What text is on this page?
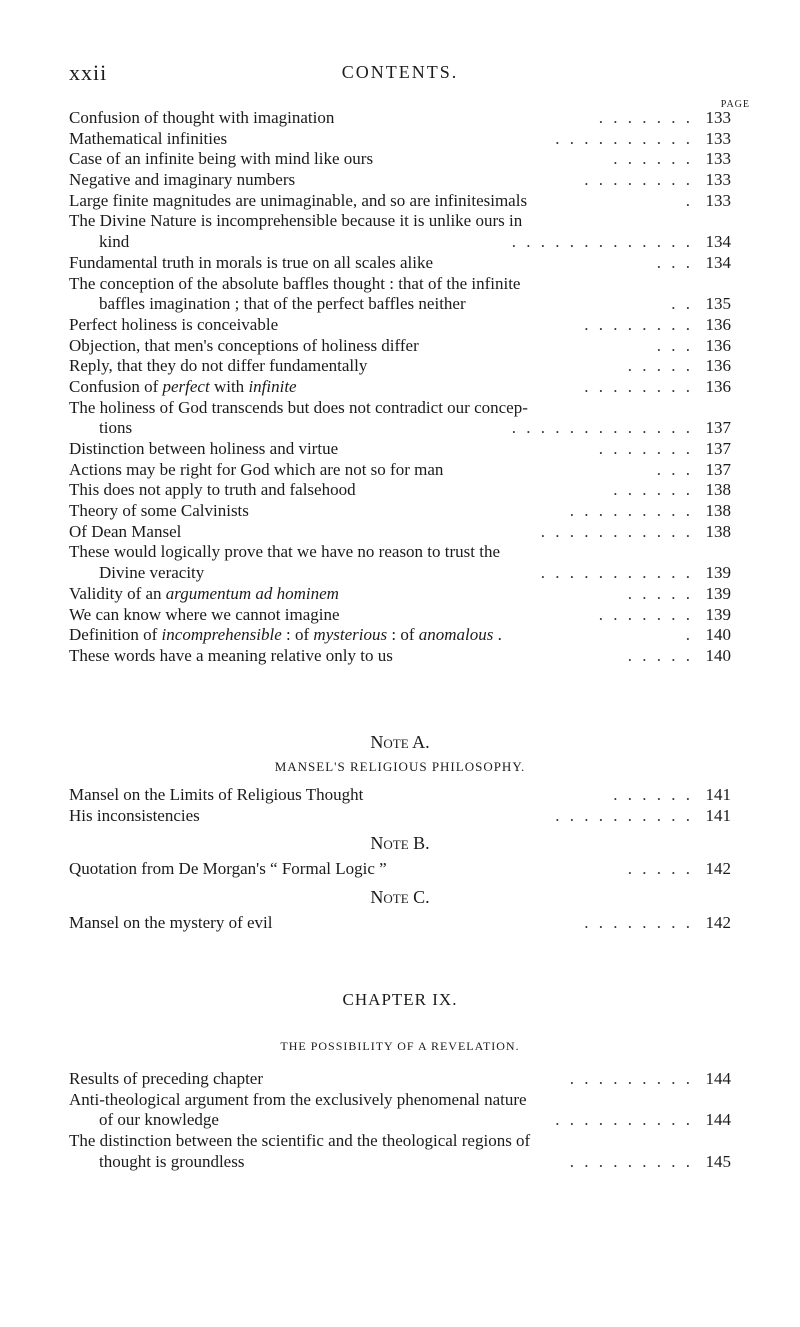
xxii	CONTENTS.
PAGE
Confusion of thought with imagination	. . . . . . . 133
Mathematical infinities	. . . . . . . . . . 133
Case of an infinite being with mind like ours	. . . . . . 133
Negative and imaginary numbers	. . . . . . . . 133
Large finite magnitudes are unimaginable, and so are infinitesimals	. 133
The Divine Nature is incomprehensible because it is unlike ours in
kind	. . . . . . . . . . . . . 134
Fundamental truth in morals is true on all scales alike	. . . 134
The conception of the absolute baffles thought : that of the infinite
baffles imagination ; that of the perfect baffles neither	. . 135
Perfect holiness is conceivable	. . . . . . . . 136
Objection, that men's conceptions of holiness differ	. . . 136
Reply, that they do not differ fundamentally	. . . . . 136
Confusion of perfect with infinite	. . . . . . . . 136
The holiness of God transcends but does not contradict our concep-
tions	. . . . . . . . . . . . . 137
Distinction between holiness and virtue	. . . . . . . 137
Actions may be right for God which are not so for man	. . . 137
This does not apply to truth and falsehood	. . . . . . 138
Theory of some Calvinists	. . . . . . . . . 138
Of Dean Mansel	. . . . . . . . . . . 138
These would logically prove that we have no reason to trust the
Divine veracity	. . . . . . . . . . . 139
Validity of an argumentum ad hominem	. . . . . 139
We can know where we cannot imagine	. . . . . . . 139
Definition of incomprehensible : of mysterious : of anomalous .	. 140
These words have a meaning relative only to us	. . . . . 140
Note A.
MANSEL'S RELIGIOUS PHILOSOPHY.
Mansel on the Limits of Religious Thought	. . . . . . 141
His inconsistencies	. . . . . . . . . . 141
Note B.
Quotation from De Morgan's “ Formal Logic ”	. . . . . 142
Note C.
Mansel on the mystery of evil	. . . . . . . . 142
CHAPTER IX.
THE POSSIBILITY OF A REVELATION.
Results of preceding chapter	. . . . . . . . . 144
Anti-theological argument from the exclusively phenomenal nature
of our knowledge	. . . . . . . . . . 144
The distinction between the scientific and the theological regions of
thought is groundless	. . . . . . . . . 145
